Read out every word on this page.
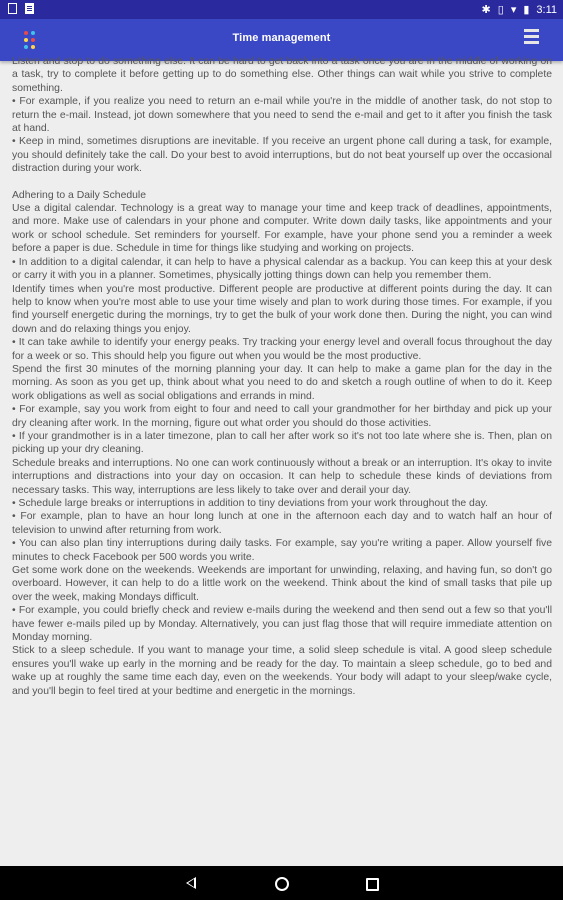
✱ ▯ ▾ ▮ 3:11
Time management

Listen and stop to do something else. It can be hard to get back into a task once you are in the middle of working on a task, try to complete it before getting up to do something else. Other things can wait while you strive to complete something.

• For example, if you realize you need to return an e-mail while you're in the middle of another task, do not stop to return the e-mail. Instead, jot down somewhere that you need to send the e-mail and get to it after you finish the task at hand.

• Keep in mind, sometimes disruptions are inevitable. If you receive an urgent phone call during a task, for example, you should definitely take the call. Do your best to avoid interruptions, but do not beat yourself up over the occasional distraction during your work.

Adhering to a Daily Schedule

Use a digital calendar. Technology is a great way to manage your time and keep track of deadlines, appointments, and more. Make use of calendars in your phone and computer. Write down daily tasks, like appointments and your work or school schedule. Set reminders for yourself. For example, have your phone send you a reminder a week before a paper is due. Schedule in time for things like studying and working on projects.

• In addition to a digital calendar, it can help to have a physical calendar as a backup. You can keep this at your desk or carry it with you in a planner. Sometimes, physically jotting things down can help you remember them.

Identify times when you're most productive. Different people are productive at different points during the day. It can help to know when you're most able to use your time wisely and plan to work during those times. For example, if you find yourself energetic during the mornings, try to get the bulk of your work done then. During the night, you can wind down and do relaxing things you enjoy.

• It can take awhile to identify your energy peaks. Try tracking your energy level and overall focus throughout the day for a week or so. This should help you figure out when you would be the most productive.

Spend the first 30 minutes of the morning planning your day. It can help to make a game plan for the day in the morning. As soon as you get up, think about what you need to do and sketch a rough outline of when to do it. Keep work obligations as well as social obligations and errands in mind.

• For example, say you work from eight to four and need to call your grandmother for her birthday and pick up your dry cleaning after work. In the morning, figure out what order you should do those activities.

• If your grandmother is in a later timezone, plan to call her after work so it's not too late where she is. Then, plan on picking up your dry cleaning.

Schedule breaks and interruptions. No one can work continuously without a break or an interruption. It's okay to invite interruptions and distractions into your day on occasion. It can help to schedule these kinds of deviations from necessary tasks. This way, interruptions are less likely to take over and derail your day.

• Schedule large breaks or interruptions in addition to tiny deviations from your work throughout the day.

• For example, plan to have an hour long lunch at one in the afternoon each day and to watch half an hour of television to unwind after returning from work.

• You can also plan tiny interruptions during daily tasks. For example, say you're writing a paper. Allow yourself five minutes to check Facebook per 500 words you write.

Get some work done on the weekends. Weekends are important for unwinding, relaxing, and having fun, so don't go overboard. However, it can help to do a little work on the weekend. Think about the kind of small tasks that pile up over the week, making Mondays difficult.

• For example, you could briefly check and review e-mails during the weekend and then send out a few so that you'll have fewer e-mails piled up by Monday. Alternatively, you can just flag those that will require immediate attention on Monday morning.

Stick to a sleep schedule. If you want to manage your time, a solid sleep schedule is vital. A good sleep schedule ensures you'll wake up early in the morning and be ready for the day. To maintain a sleep schedule, go to bed and wake up at roughly the same time each day, even on the weekends. Your body will adapt to your sleep/wake cycle, and you'll begin to feel tired at your bedtime and energetic in the mornings.
